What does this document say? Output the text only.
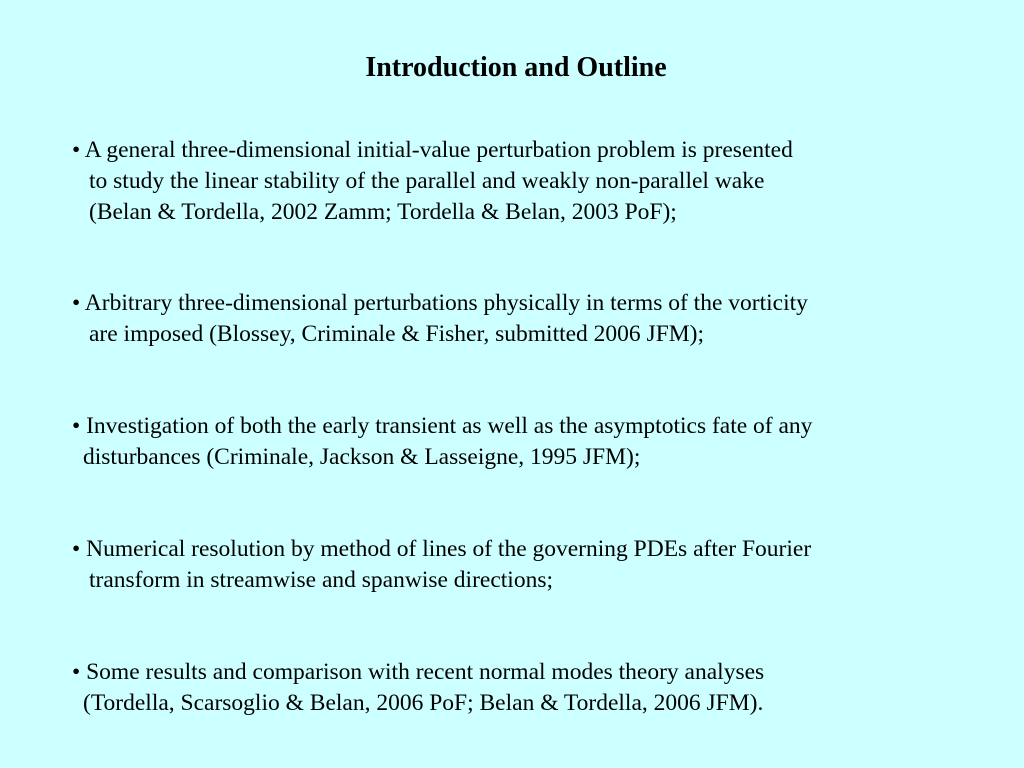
Introduction and Outline
• A general three-dimensional initial-value perturbation problem is presented
to study the linear stability of the parallel and weakly non-parallel wake
(Belan & Tordella, 2002 Zamm; Tordella & Belan, 2003 PoF);
• Arbitrary three-dimensional perturbations physically in terms of the vorticity
are imposed (Blossey, Criminale & Fisher, submitted 2006 JFM);
• Investigation of both the early transient as well as the asymptotics fate of any
disturbances (Criminale, Jackson & Lasseigne, 1995 JFM);
• Numerical resolution by method of lines of the governing PDEs after Fourier
transform in streamwise and spanwise directions;
• Some results and comparison with recent normal modes theory analyses
(Tordella, Scarsoglio & Belan, 2006 PoF; Belan & Tordella, 2006 JFM).
